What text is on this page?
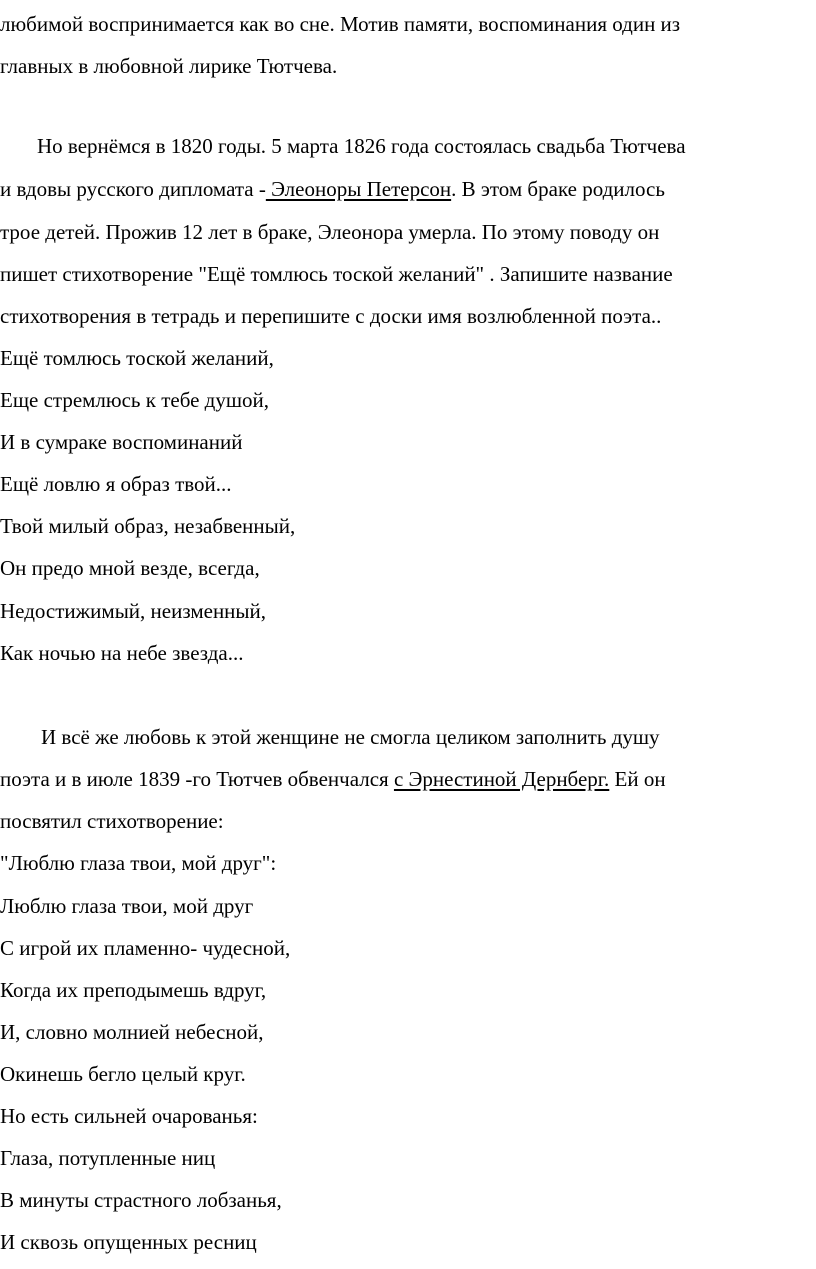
любимой воспринимается как во сне. Мотив памяти, воспоминания один из
главных в любовной лирике Тютчева.
Но вернёмся в 1820 годы. 5 марта 1826 года состоялась свадьба Тютчева
и вдовы русского дипломата - Элеоноры Петерсон. В этом браке родилось
трое детей. Прожив 12 лет в браке, Элеонора умерла. По этому поводу он
пишет стихотворение "Ещё томлюсь тоской желаний" . Запишите название
стихотворения в тетрадь и перепишите с доски имя возлюбленной поэта..
Ещё томлюсь тоской желаний,
Еще стремлюсь к тебе душой,
И в сумраке воспоминаний
Ещё ловлю я образ твой...
Твой милый образ, незабвенный,
Он предо мной везде, всегда,
Недостижимый, неизменный,
Как ночью на небе звезда...
И всё же любовь к этой женщине не смогла целиком заполнить душу
поэта и в июле 1839 -го Тютчев обвенчался с Эрнестиной Дернберг. Ей он
посвятил стихотворение:
"Люблю глаза твои, мой друг":
Люблю глаза твои, мой друг
С игрой их пламенно- чудесной,
Когда их преподымешь вдруг,
И, словно молнией небесной,
Окинешь бегло целый круг.
Но есть сильней очарованья:
Глаза, потупленные ниц
В минуты страстного лобзанья,
И сквозь опущенных ресниц
